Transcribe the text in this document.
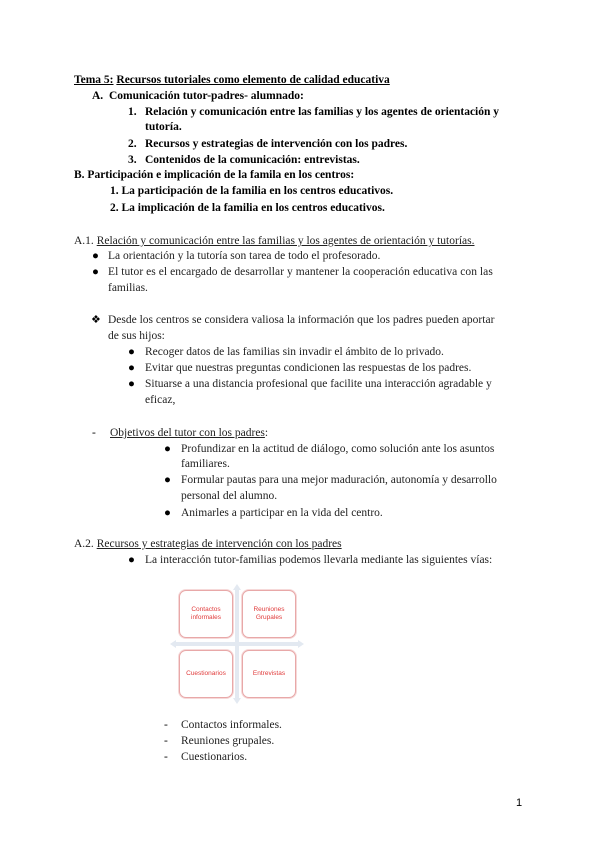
Tema 5: Recursos tutoriales como elemento de calidad educativa
A. Comunicación tutor-padres- alumnado:
1. Relación y comunicación entre las familias y los agentes de orientación y
tutoría.
2. Recursos y estrategias de intervención con los padres.
3. Contenidos de la comunicación: entrevistas.
B. Participación e implicación de la famila en los centros:
1. La participación de la familia en los centros educativos.
2. La implicación de la familia en los centros educativos.
A.1. Relación y comunicación entre las familias y los agentes de orientación y tutorías.
● La orientación y la tutoría son tarea de todo el profesorado.
● El tutor es el encargado de desarrollar y mantener la cooperación educativa con las
familias.
❖ Desde los centros se considera valiosa la información que los padres pueden aportar
de sus hijos:
● Recoger datos de las familias sin invadir el ámbito de lo privado.
● Evitar que nuestras preguntas condicionen las respuestas de los padres.
● Situarse a una distancia profesional que facilite una interacción agradable y
eficaz,
- Objetivos del tutor con los padres:
● Profundizar en la actitud de diálogo, como solución ante los asuntos
familiares.
● Formular pautas para una mejor maduración, autonomía y desarrollo
personal del alumno.
● Animarles a participar en la vida del centro.
A.2. Recursos y estrategias de intervención con los padres
● La interacción tutor-familias podemos llevarla mediante las siguientes vías:
Contactos informales
Reuniones Grupales
Cuestionarios	Entrevistas
- Contactos informales.
- Reuniones grupales.
- Cuestionarios.
1
